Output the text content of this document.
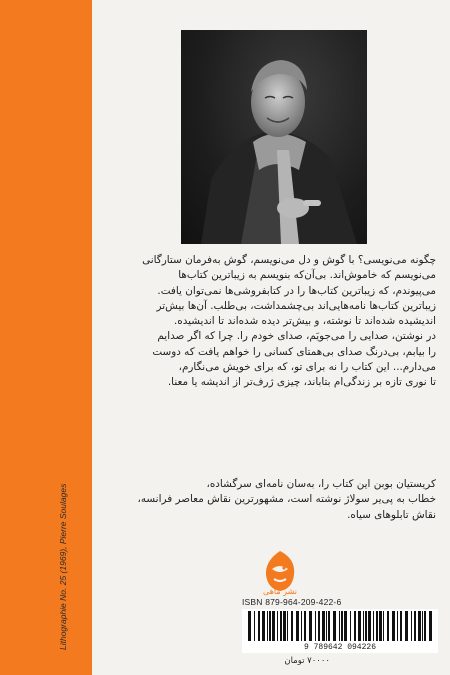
Lithographie No. 25 (1969), Pierre Soulages
چگونه می‌نویسی؟ با گوش و دل می‌نویسم، گوش به‌فرمان ستارگانی
می‌نویسم که خاموش‌اند. بی‌آن‌که بنویسم به زیباترین کتاب‌ها
می‌پیوندم، که زیباترین کتاب‌ها را در کتابفروشی‌ها نمی‌توان یافت.
زیباترین کتاب‌ها نامه‌هایی‌اند بی‌چشمداشت، بی‌طلب. آن‌ها بیش‌تر
اندیشیده شده‌اند تا نوشته، و بیش‌تر دیده شده‌اند تا اندیشیده.
در نوشتن، صدایی را می‌جویَم، صدای خودم را. چرا که اگر صدایم
را بیابم، بی‌درنگ صدای بی‌همتای کسانی را خواهم یافت که دوست
می‌دارم... این کتاب را نه برای تو، که برای خویش می‌نگارم،
تا نوری تازه بر زندگی‌ام بتاباند، چیزی ژرف‌تر از اندیشه یا معنا.
کریستیان بوبن این کتاب را، به‌سان نامه‌ای سرگشاده،
خطاب به پی‌یر سولاژ نوشته است، مشهورترین نقاش معاصر فرانسه،
نقاش تابلوهای سیاه.
نشر ماهی
ISBN 879-964-209-422-6
9 789642 094226
۷۰۰۰۰ تومان
